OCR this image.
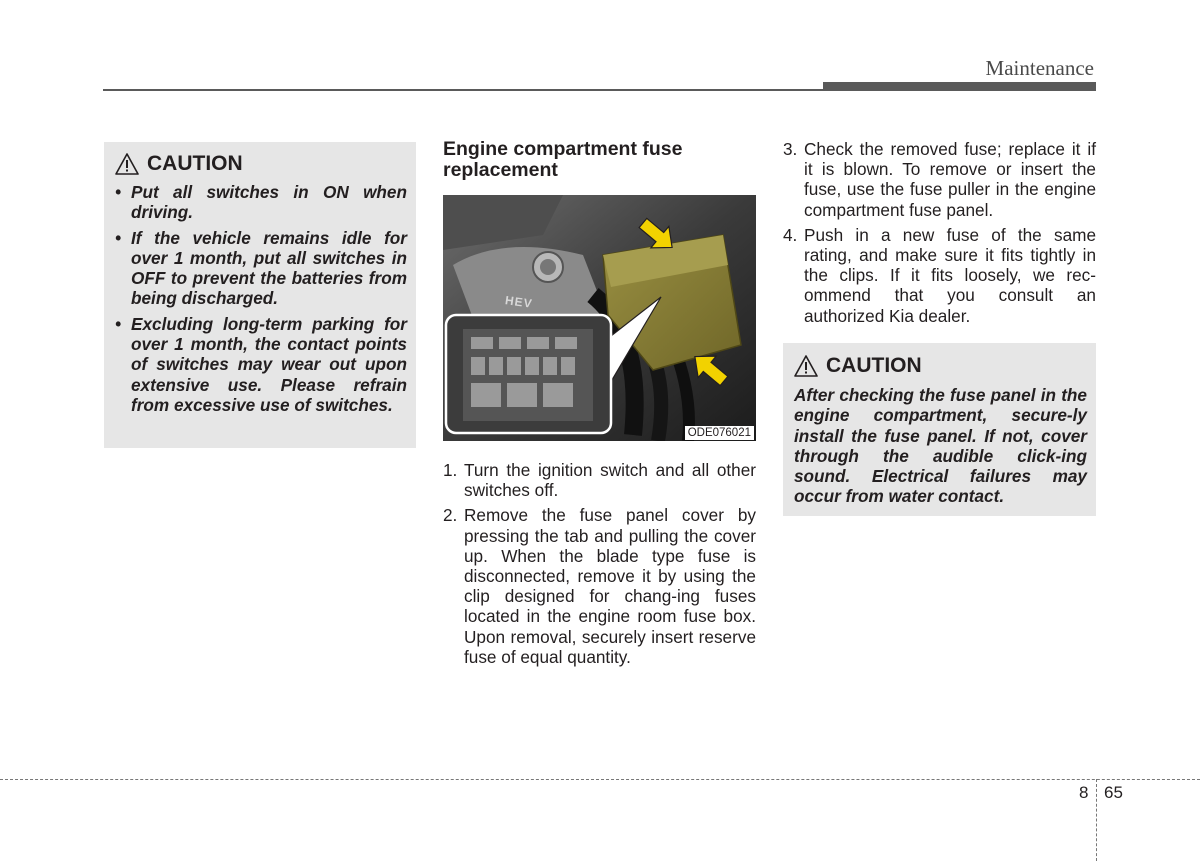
Maintenance
CAUTION
• Put all switches in ON when driving.
• If the vehicle remains idle for over 1 month, put all switches in OFF to prevent the batteries from being discharged.
• Excluding long-term parking for over 1 month, the contact points of switches may wear out upon extensive use. Please refrain from excessive use of switches.
Engine compartment fuse replacement
HEV
ODE076021
1. Turn the ignition switch and all other switches off.
2. Remove the fuse panel cover by pressing the tab and pulling the cover up. When the blade type fuse is disconnected, remove it by using the clip designed for chang-ing fuses located in the engine room fuse box. Upon removal, securely insert reserve fuse of equal quantity.
3. Check the removed fuse; replace it if it is blown. To remove or insert the fuse, use the fuse puller in the engine compartment fuse panel.
4. Push in a new fuse of the same rating, and make sure it fits tightly in the clips. If it fits loosely, we rec-ommend that you consult an authorized Kia dealer.
CAUTION

After checking the fuse panel in the engine compartment, secure-ly install the fuse panel. If not, cover through the audible click-ing sound. Electrical failures may occur from water contact.

8 65
